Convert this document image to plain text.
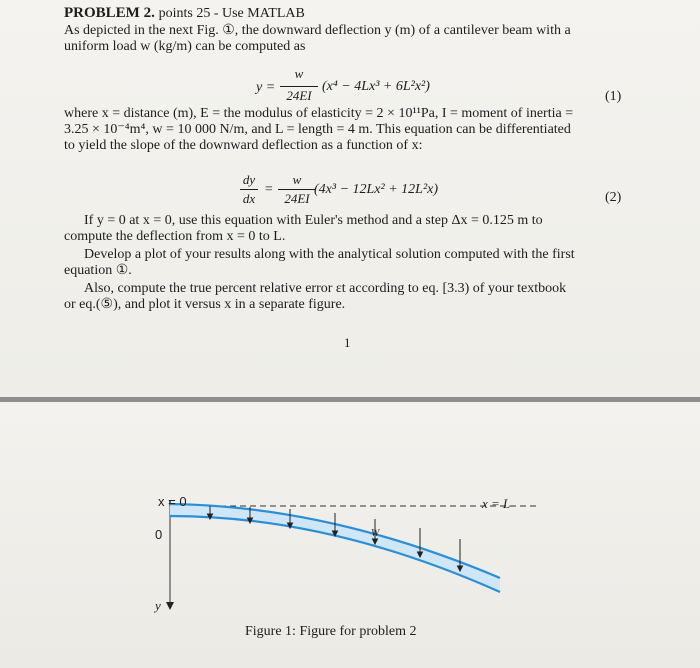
PROBLEM 2. points 25 - Use MATLAB
As depicted in the next Fig. ①, the downward deflection y (m) of a cantilever beam with a
uniform load w (kg/m) can be computed as
y =
w
24EI
(x⁴ − 4Lx³ + 6L²x²)
(1)
where x = distance (m), E = the modulus of elasticity = 2 × 10¹¹Pa, I = moment of inertia =
3.25 × 10⁻⁴m⁴, w = 10 000 N/m, and L = length = 4 m. This equation can be differentiated
to yield the slope of the downward deflection as a function of x:
dy
dx
=
w
24EI
(4x³ − 12Lx² + 12L²x)
(2)
If y = 0 at x = 0, use this equation with Euler's method and a step Δx = 0.125 m to
compute the deflection from x = 0 to L.
Develop a plot of your results along with the analytical solution computed with the first
equation ①.
Also, compute the true percent relative error εt according to eq. [3.3) of your textbook
or eq.(⑤), and plot it versus x in a separate figure.
1
x = 0	x = L
0	W
y
Figure 1: Figure for problem 2
